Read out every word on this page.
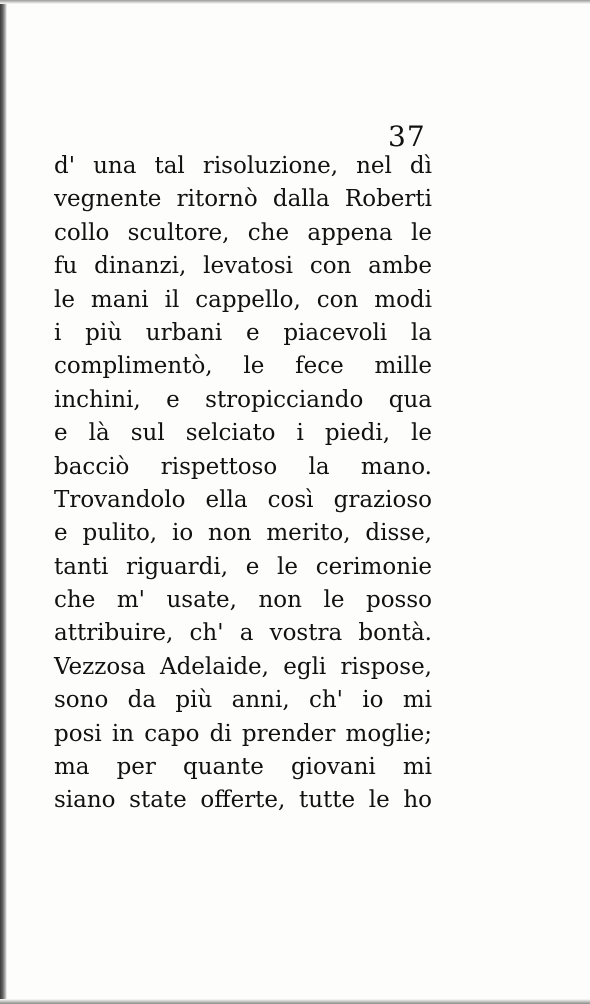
37
d' una tal risoluzione, nel dì
vegnente ritornò dalla Roberti
collo scultore, che appena le
fu dinanzi, levatosi con ambe
le mani il cappello, con modi
i più urbani e piacevoli la
complimentò, le fece mille
inchini, e stropicciando qua
e là sul selciato i piedi, le
bacciò rispettoso la mano.
Trovandolo ella così grazioso
e pulito, io non merito, disse,
tanti riguardi, e le cerimonie
che m' usate, non le posso
attribuire, ch' a vostra bontà.
Vezzosa Adelaide, egli rispose,
sono da più anni, ch' io mi
posi in capo di prender moglie;
ma per quante giovani mi
siano state offerte, tutte le ho
